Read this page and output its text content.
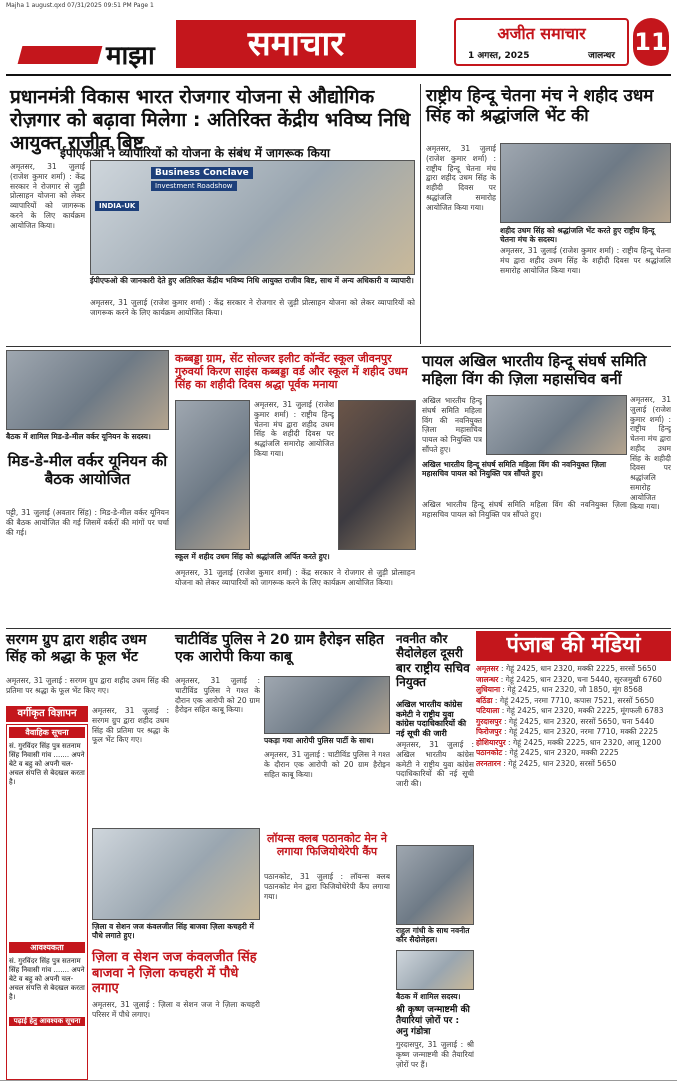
Majha 1 august.qxd 07/31/2025 09:51 PM Page 1
माझा	समाचार	अजीत समाचार
1 अगस्त, 2025	जालन्धर 11
प्रधानमंत्री विकास भारत रोजगार योजना से औद्योगिक रोज़गार को बढ़ावा मिलेगा : अतिरिक्त केंद्रीय भविष्य निधि आयुक्त राजीव बिष्ट
ईपीएफओ ने व्यापारियों को योजना के संबंध में जागरूक किया
अमृतसर, 31 जुलाई (राजेश कुमार शर्मा) : केंद्र सरकार ने रोजगार से जुड़ी प्रोत्साहन योजना को लेकर व्यापारियों को जागरूक करने के लिए कार्यक्रम आयोजित किया।
Business Conclave
Investment Roadshow
INDIA-UK
ईपीएफओ की जानकारी देते हुए अतिरिक्त केंद्रीय भविष्य निधि आयुक्त राजीव बिष्ट, साथ में अन्य अधिकारी व व्यापारी।
अमृतसर, 31 जुलाई (राजेश कुमार शर्मा) : केंद्र सरकार ने रोजगार से जुड़ी प्रोत्साहन योजना को लेकर व्यापारियों को जागरूक करने के लिए कार्यक्रम आयोजित किया।
राष्ट्रीय हिन्दू चेतना मंच ने शहीद उधम सिंह को श्रद्धांजलि भेंट की
अमृतसर, 31 जुलाई (राजेश कुमार शर्मा) : राष्ट्रीय हिन्दू चेतना मंच द्वारा शहीद उधम सिंह के शहीदी दिवस पर श्रद्धांजलि समारोह आयोजित किया गया।
शहीद उधम सिंह को श्रद्धांजलि भेंट करते हुए राष्ट्रीय हिन्दू चेतना मंच के सदस्य।
अमृतसर, 31 जुलाई (राजेश कुमार शर्मा) : राष्ट्रीय हिन्दू चेतना मंच द्वारा शहीद उधम सिंह के शहीदी दिवस पर श्रद्धांजलि समारोह आयोजित किया गया।
कब्बड्डा ग्राम, सेंट सोल्जर इलीट कॉन्वेंट स्कूल जीवनपुर गुरुवर्या किरण साइंस कब्बड्डा वर्ड और स्कूल में शहीद उधम सिंह का शहीदी दिवस श्रद्धा पूर्वक मनाया
अमृतसर, 31 जुलाई (राजेश कुमार शर्मा) : राष्ट्रीय हिन्दू चेतना मंच द्वारा शहीद उधम सिंह के शहीदी दिवस पर श्रद्धांजलि समारोह आयोजित किया गया।
स्कूल में शहीद उधम सिंह को श्रद्धांजलि अर्पित करते हुए।
अमृतसर, 31 जुलाई (राजेश कुमार शर्मा) : केंद्र सरकार ने रोजगार से जुड़ी प्रोत्साहन योजना को लेकर व्यापारियों को जागरूक करने के लिए कार्यक्रम आयोजित किया।
बैठक में शामिल मिड-डे-मील वर्कर यूनियन के सदस्य।
मिड-डे-मील वर्कर यूनियन की बैठक आयोजित
पट्टी, 31 जुलाई (अवतार सिंह) : मिड-डे-मील वर्कर यूनियन की बैठक आयोजित की गई जिसमें वर्करों की मांगों पर चर्चा की गई।
पायल अखिल भारतीय हिन्दू संघर्ष समिति महिला विंग की ज़िला महासचिव बनीं
अखिल भारतीय हिन्दू संघर्ष समिति महिला विंग की नवनियुक्त ज़िला महासचिव पायल को नियुक्ति पत्र सौंपते हुए।
अमृतसर, 31 जुलाई (राजेश कुमार शर्मा) : राष्ट्रीय हिन्दू चेतना मंच द्वारा शहीद उधम सिंह के शहीदी दिवस पर श्रद्धांजलि समारोह आयोजित किया गया।
अखिल भारतीय हिन्दू संघर्ष समिति महिला विंग की नवनियुक्त ज़िला महासचिव पायल को नियुक्ति पत्र सौंपते हुए।
अखिल भारतीय हिन्दू संघर्ष समिति महिला विंग की नवनियुक्त ज़िला महासचिव पायल को नियुक्ति पत्र सौंपते हुए।
सरगम ग्रुप द्वारा शहीद उधम सिंह को श्रद्धा के फूल भेंट
अमृतसर, 31 जुलाई : सरगम ग्रुप द्वारा शहीद उधम सिंह की प्रतिमा पर श्रद्धा के फूल भेंट किए गए।
वर्गीकृत विज्ञापन
वैवाहिक सूचना
सं. गुरविंदर सिंह पुत्र सतनाम सिंह निवासी गांव ....... अपने बेटे व बहु को अपनी चल-अचल संपत्ति से बेदखल करता है।
आवश्यकता
सं. गुरविंदर सिंह पुत्र सतनाम सिंह निवासी गांव ....... अपने बेटे व बहु को अपनी चल-अचल संपत्ति से बेदखल करता है।
पढ़ाई हेतु आवश्यक सूचना
अमृतसर, 31 जुलाई : सरगम ग्रुप द्वारा शहीद उधम सिंह की प्रतिमा पर श्रद्धा के फूल भेंट किए गए।
ज़िला व सेशन जज कंवलजीत सिंह बाजवा ज़िला कचहरी में पौधे लगाते हुए।
ज़िला व सेशन जज कंवलजीत सिंह बाजवा ने ज़िला कचहरी में पौधे लगाए
अमृतसर, 31 जुलाई : ज़िला व सेशन जज ने ज़िला कचहरी परिसर में पौधे लगाए।
चाटीविंड पुलिस ने 20 ग्राम हैरोइन सहित एक आरोपी किया काबू
अमृतसर, 31 जुलाई : चाटीविंड पुलिस ने गश्त के दौरान एक आरोपी को 20 ग्राम हैरोइन सहित काबू किया।
पकड़ा गया आरोपी पुलिस पार्टी के साथ।
अमृतसर, 31 जुलाई : चाटीविंड पुलिस ने गश्त के दौरान एक आरोपी को 20 ग्राम हैरोइन सहित काबू किया।
लॉयन्स क्लब पठानकोट मेन ने लगाया फिजियोथेरेपी कैंप
पठानकोट, 31 जुलाई : लॉयन्स क्लब पठानकोट मेन द्वारा फिजियोथेरेपी कैंप लगाया गया।
नवनीत कौर सैदोलेहल दूसरी बार राष्ट्रीय सचिव नियुक्त
अखिल भारतीय कांग्रेस कमेटी ने राष्ट्रीय युवा कांग्रेस पदाधिकारियों की नई सूची की जारी
अमृतसर, 31 जुलाई : अखिल भारतीय कांग्रेस कमेटी ने राष्ट्रीय युवा कांग्रेस पदाधिकारियों की नई सूची जारी की।
राहुल गांधी के साथ नवनीत कौर सैदोलेहल।
बैठक में शामिल सदस्य।
श्री कृष्ण जन्माष्टमी की तैयारियां ज़ोरों पर : अनु गंडोत्रा
गुरदासपुर, 31 जुलाई : श्री कृष्ण जन्माष्टमी की तैयारियां ज़ोरों पर हैं।
पंजाब की मंडियां
अमृतसर : गेहूं 2425, धान 2320, मक्की 2225, सरसों 5650
जालन्धर : गेहूं 2425, धान 2320, चना 5440, सूरजमुखी 6760
लुधियाना : गेहूं 2425, धान 2320, जौ 1850, मूंग 8568
बठिंडा : गेहूं 2425, नरमा 7710, कपास 7521, सरसों 5650
पटियाला : गेहूं 2425, धान 2320, मक्की 2225, मूंगफली 6783
गुरदासपुर : गेहूं 2425, धान 2320, सरसों 5650, चना 5440
फिरोजपुर : गेहूं 2425, धान 2320, नरमा 7710, मक्की 2225
होशियारपुर : गेहूं 2425, मक्की 2225, धान 2320, आलू 1200
पठानकोट : गेहूं 2425, धान 2320, मक्की 2225
तरनतारन : गेहूं 2425, धान 2320, सरसों 5650
